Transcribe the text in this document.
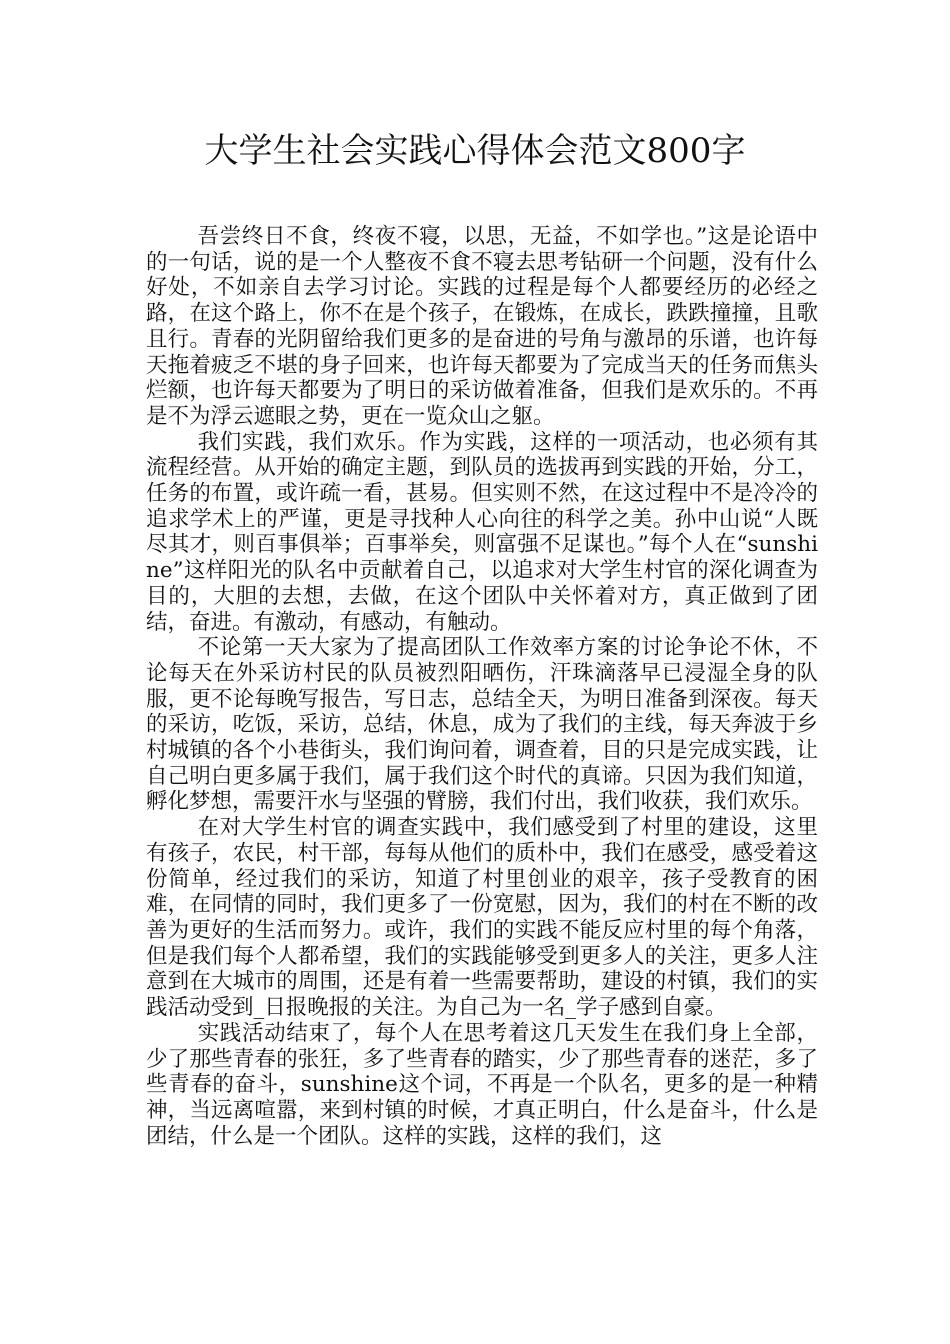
大学生社会实践心得体会范文800字

吾尝终日不食，终夜不寝，以思，无益，不如学也。”这是论语中的一句话，说的是一个人整夜不食不寝去思考钻研一个问题，没有什么好处，不如亲自去学习讨论。实践的过程是每个人都要经历的必经之路，在这个路上，你不在是个孩子，在锻炼，在成长，跌跌撞撞，且歌且行。青春的光阴留给我们更多的是奋进的号角与激昂的乐谱，也许每天拖着疲乏不堪的身子回来，也许每天都要为了完成当天的任务而焦头烂额，也许每天都要为了明日的采访做着准备，但我们是欢乐的。不再是不为浮云遮眼之势，更在一览众山之躯。

我们实践，我们欢乐。作为实践，这样的一项活动，也必须有其流程经营。从开始的确定主题，到队员的选拔再到实践的开始，分工，任务的布置，或许疏一看，甚易。但实则不然，在这过程中不是冷冷的追求学术上的严谨，更是寻找种人心向往的科学之美。孙中山说“人既尽其才，则百事俱举；百事举矣，则富强不足谋也。”每个人在“sunshine”这样阳光的队名中贡献着自己，以追求对大学生村官的深化调查为目的，大胆的去想，去做，在这个团队中关怀着对方，真正做到了团结，奋进。有激动，有感动，有触动。

不论第一天大家为了提高团队工作效率方案的讨论争论不休，不论每天在外采访村民的队员被烈阳晒伤，汗珠滴落早已浸湿全身的队服，更不论每晚写报告，写日志，总结全天，为明日准备到深夜。每天的采访，吃饭，采访，总结，休息，成为了我们的主线，每天奔波于乡村城镇的各个小巷街头，我们询问着，调查着，目的只是完成实践，让自己明白更多属于我们，属于我们这个时代的真谛。只因为我们知道，孵化梦想，需要汗水与坚强的臂膀，我们付出，我们收获，我们欢乐。

在对大学生村官的调查实践中，我们感受到了村里的建设，这里有孩子，农民，村干部，每每从他们的质朴中，我们在感受，感受着这份简单，经过我们的采访，知道了村里创业的艰辛，孩子受教育的困难，在同情的同时，我们更多了一份宽慰，因为，我们的村在不断的改善为更好的生活而努力。或许，我们的实践不能反应村里的每个角落，但是我们每个人都希望，我们的实践能够受到更多人的关注，更多人注意到在大城市的周围，还是有着一些需要帮助，建设的村镇，我们的实践活动受到_日报晚报的关注。为自己为一名_学子感到自豪。

实践活动结束了，每个人在思考着这几天发生在我们身上全部，少了那些青春的张狂，多了些青春的踏实，少了那些青春的迷茫，多了些青春的奋斗，sunshine这个词，不再是一个队名，更多的是一种精神，当远离喧嚣，来到村镇的时候，才真正明白，什么是奋斗，什么是团结，什么是一个团队。这样的实践，这样的我们，这
